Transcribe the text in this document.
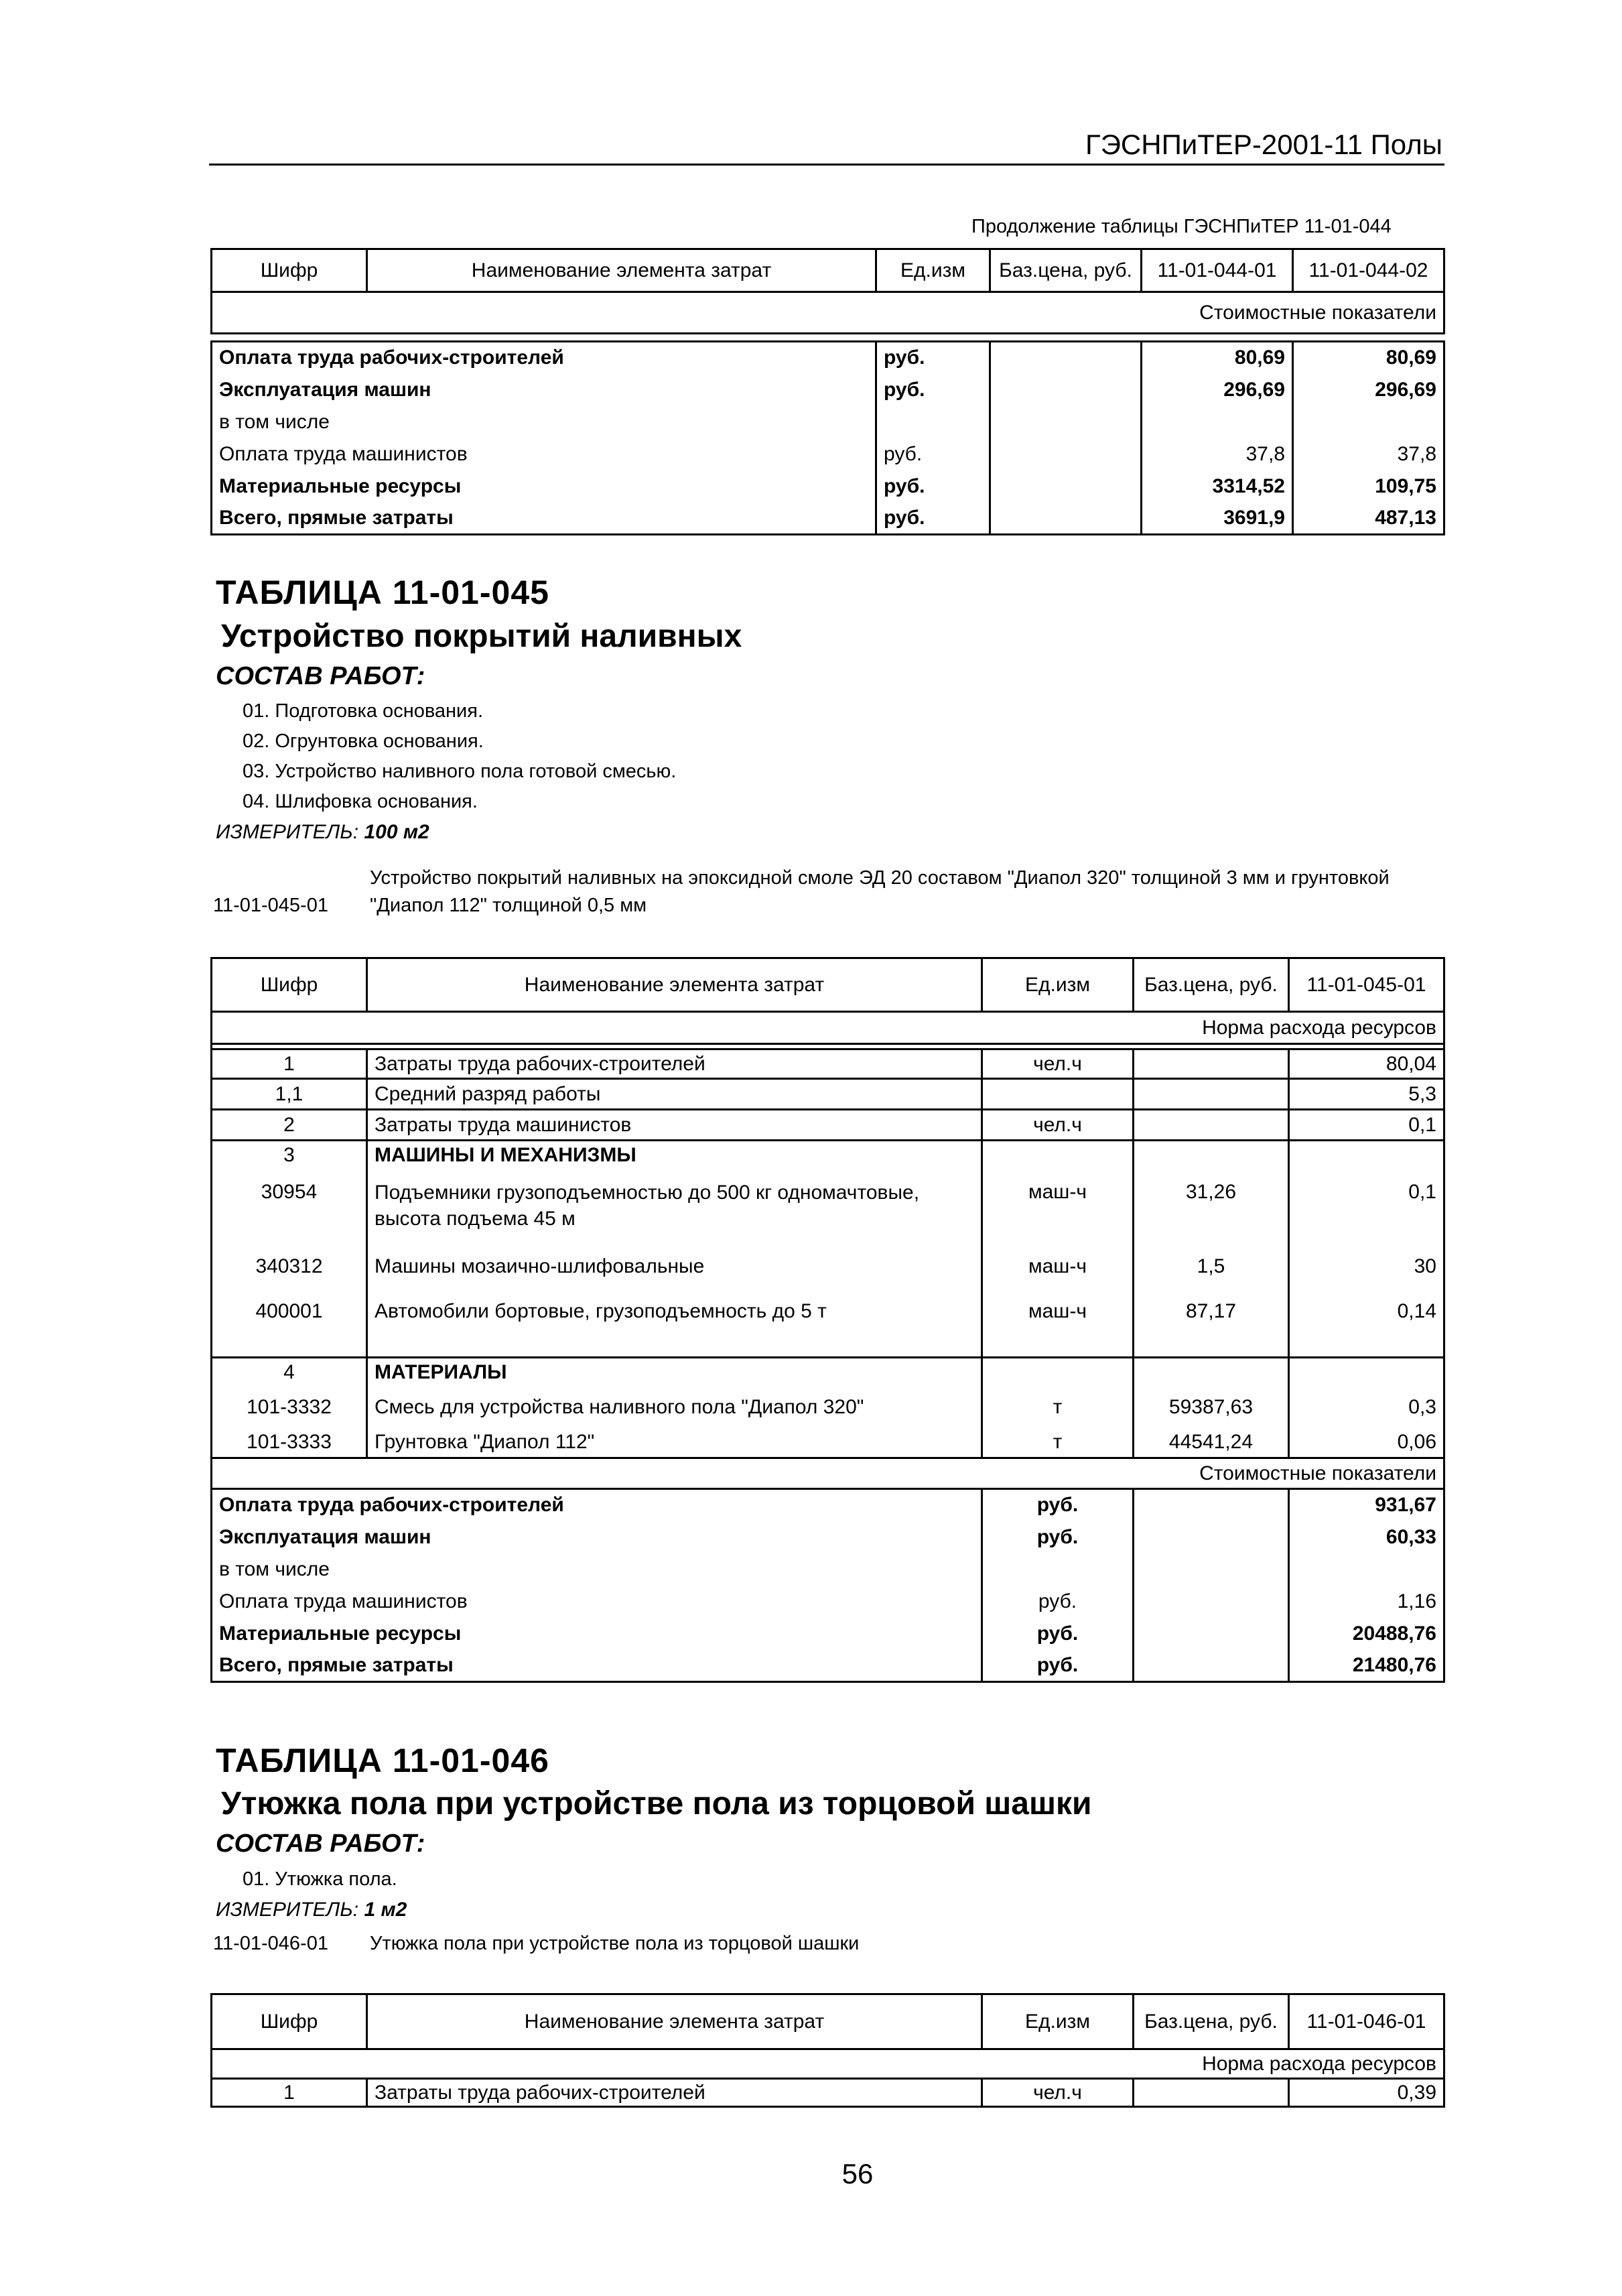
ГЭСНПиТЕР-2001-11 Полы
Продолжение таблицы ГЭСНПиТЕР 11-01-044
Шифр	Наименование элемента затрат	Ед.изм	Баз.цена, руб.	11-01-044-01	11-01-044-02
Стоимостные показатели					

Оплата труда рабочих-строителей		руб.		80,69	80,69
Эксплуатация машин		руб.		296,69	296,69
в том числе					
Оплата труда машинистов		руб.		37,8	37,8
Материальные ресурсы		руб.		3314,52	109,75
Всего, прямые затраты		руб.		3691,9	487,13
ТАБЛИЦА 11-01-045
Устройство покрытий наливных
СОСТАВ РАБОТ:
01. Подготовка основания.
02. Огрунтовка основания.
03. Устройство наливного пола готовой смесью.
04. Шлифовка основания.
ИЗМЕРИТЕЛЬ: 100 м2
11-01-045-01
Устройство покрытий наливных на эпоксидной смоле ЭД 20 составом "Диапол 320" толщиной 3 мм и грунтовкой "Диапол 112" толщиной 0,5 мм
Шифр	Наименование элемента затрат	Ед.изм	Баз.цена, руб.	11-01-045-01
Норма расхода ресурсов				

1	Затраты труда рабочих-строителей	чел.ч		80,04
1,1	Средний разряд работы			5,3
2	Затраты труда машинистов	чел.ч		0,1
3	МАШИНЫ И МЕХАНИЗМЫ			
30954	Подъемники грузоподъемностью до 500 кг одномачтовые, высота подъема 45 м	маш-ч	31,26	0,1
340312	Машины мозаично-шлифовальные	маш-ч	1,5	30
400001	Автомобили бортовые, грузоподъемность до 5 т	маш-ч	87,17	0,14
4	МАТЕРИАЛЫ			
101-3332	Смесь для устройства наливного пола "Диапол 320"	т	59387,63	0,3
101-3333	Грунтовка "Диапол 112"	т	44541,24	0,06
Стоимостные показатели				
Оплата труда рабочих-строителей		руб.		931,67
Эксплуатация машин		руб.		60,33
в том числе				
Оплата труда машинистов		руб.		1,16
Материальные ресурсы		руб.		20488,76
Всего, прямые затраты		руб.		21480,76
ТАБЛИЦА 11-01-046
Утюжка пола при устройстве пола из торцовой шашки
СОСТАВ РАБОТ:
01. Утюжка пола.
ИЗМЕРИТЕЛЬ: 1 м2
11-01-046-01 Утюжка пола при устройстве пола из торцовой шашки
Шифр	Наименование элемента затрат	Ед.изм	Баз.цена, руб.	11-01-046-01
Норма расхода ресурсов				
1	Затраты труда рабочих-строителей	чел.ч		0,39
56
